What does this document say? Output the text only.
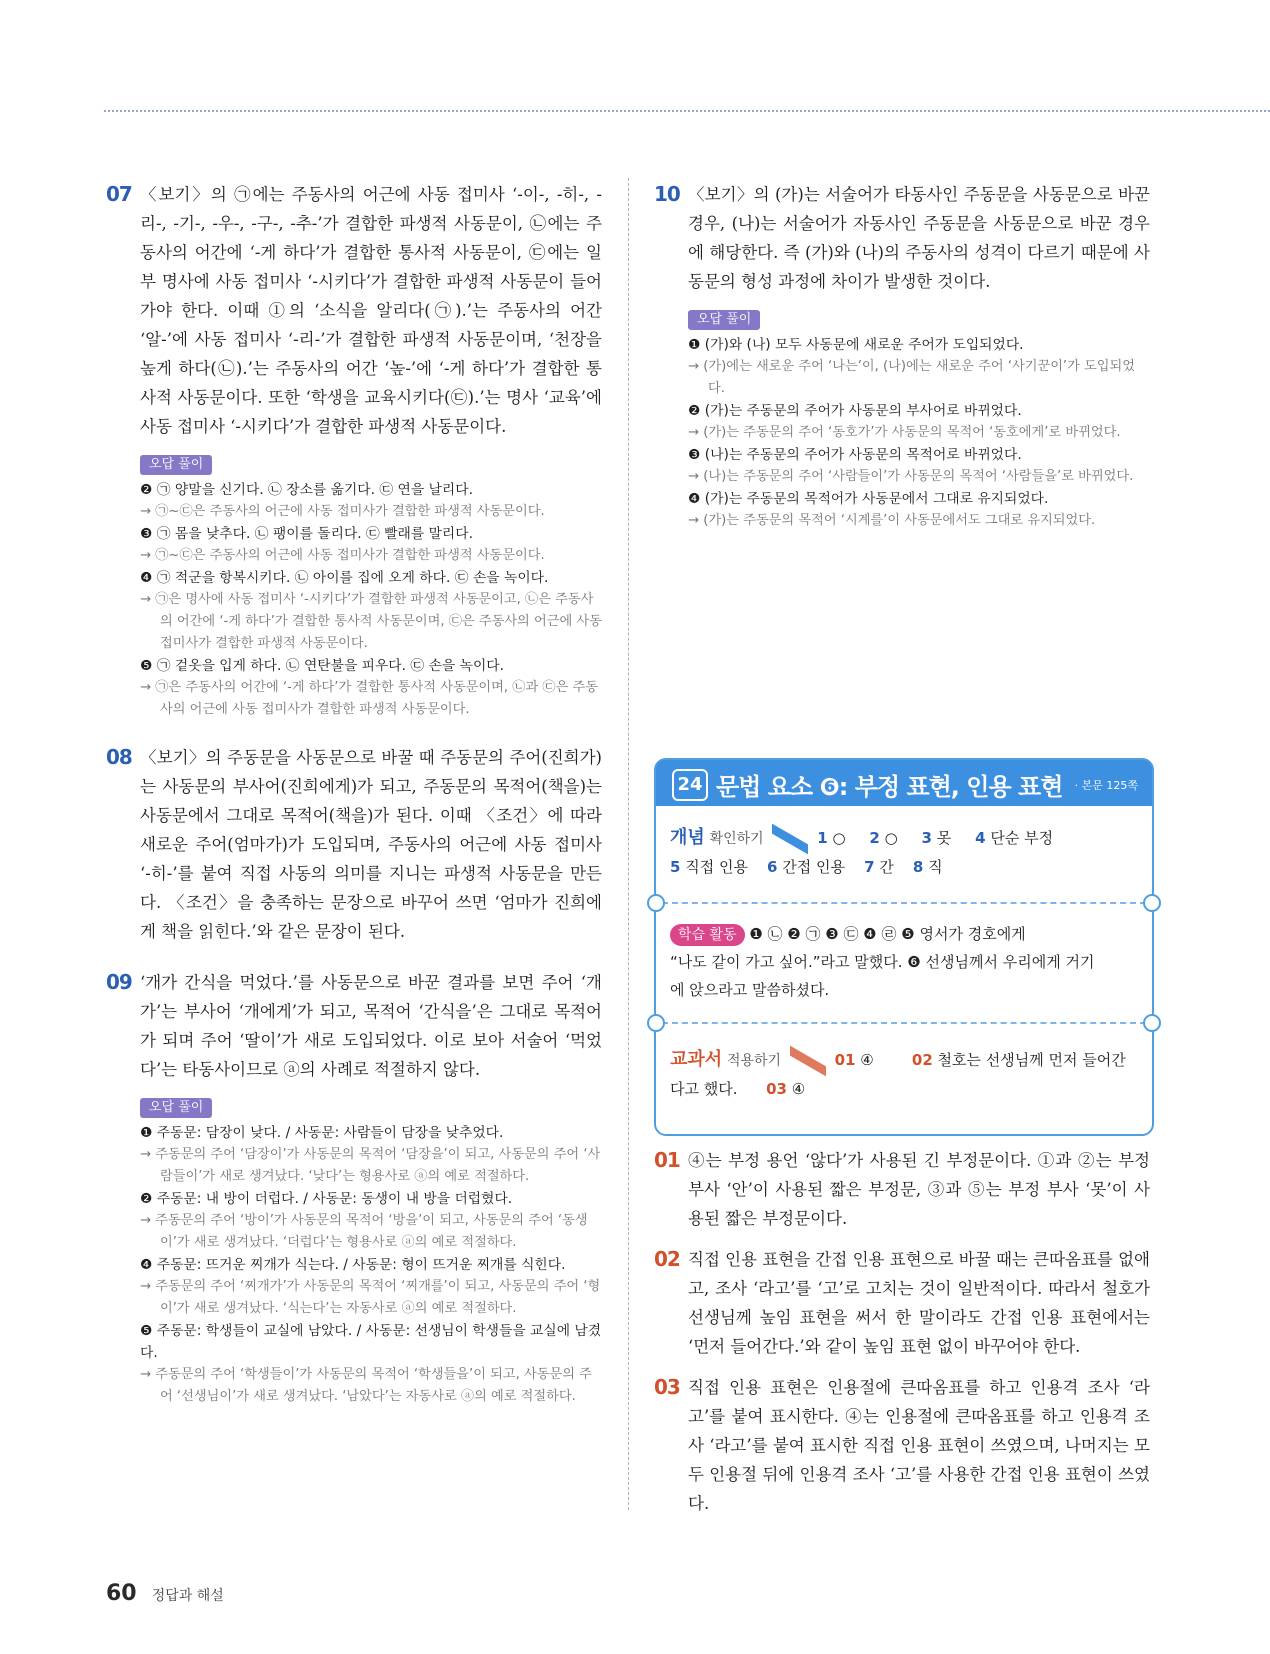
07 〈보기〉의 ㉠에는 주동사의 어근에 사동 접미사 ‘-이-, -히-, -리-, -기-, -우-, -구-, -추-’가 결합한 파생적 사동문이, ㉡에는 주동사의 어간에 ‘-게 하다’가 결합한 통사적 사동문이, ㉢에는 일부 명사에 사동 접미사 ‘-시키다’가 결합한 파생적 사동문이 들어가야 한다. 이때 ①의 ‘소식을 알리다(㉠).’는 주동사의 어간 ‘알-’에 사동 접미사 ‘-리-’가 결합한 파생적 사동문이며, ‘천장을 높게 하다(㉡).’는 주동사의 어간 ‘높-’에 ‘-게 하다’가 결합한 통사적 사동문이다. 또한 ‘학생을 교육시키다(㉢).’는 명사 ‘교육’에 사동 접미사 ‘-시키다’가 결합한 파생적 사동문이다.
오답 풀이
❷ ㉠ 양말을 신기다. ㉡ 장소를 옮기다. ㉢ 연을 날리다.
→ ㉠~㉢은 주동사의 어근에 사동 접미사가 결합한 파생적 사동문이다.
❸ ㉠ 몸을 낮추다. ㉡ 팽이를 돌리다. ㉢ 빨래를 말리다.
→ ㉠~㉢은 주동사의 어근에 사동 접미사가 결합한 파생적 사동문이다.
❹ ㉠ 적군을 항복시키다. ㉡ 아이를 집에 오게 하다. ㉢ 손을 녹이다.
→ ㉠은 명사에 사동 접미사 ‘-시키다’가 결합한 파생적 사동문이고, ㉡은 주동사의 어간에 ‘-게 하다’가 결합한 통사적 사동문이며, ㉢은 주동사의 어근에 사동 접미사가 결합한 파생적 사동문이다.
❺ ㉠ 겉옷을 입게 하다. ㉡ 연탄불을 피우다. ㉢ 손을 녹이다.
→ ㉠은 주동사의 어간에 ‘-게 하다’가 결합한 통사적 사동문이며, ㉡과 ㉢은 주동사의 어근에 사동 접미사가 결합한 파생적 사동문이다.
08 〈보기〉의 주동문을 사동문으로 바꿀 때 주동문의 주어(진희가)는 사동문의 부사어(진희에게)가 되고, 주동문의 목적어(책을)는 사동문에서 그대로 목적어(책을)가 된다. 이때 〈조건〉에 따라 새로운 주어(엄마가)가 도입되며, 주동사의 어근에 사동 접미사 ‘-히-’를 붙여 직접 사동의 의미를 지니는 파생적 사동문을 만든다. 〈조건〉을 충족하는 문장으로 바꾸어 쓰면 ‘엄마가 진희에게 책을 읽힌다.’와 같은 문장이 된다.
09 ‘개가 간식을 먹었다.’를 사동문으로 바꾼 결과를 보면 주어 ‘개가’는 부사어 ‘개에게’가 되고, 목적어 ‘간식을’은 그대로 목적어가 되며 주어 ‘딸이’가 새로 도입되었다. 이로 보아 서술어 ‘먹었다’는 타동사이므로 ⓐ의 사례로 적절하지 않다.
오답 풀이
❶ 주동문: 담장이 낮다. / 사동문: 사람들이 담장을 낮추었다.
→ 주동문의 주어 ‘담장이’가 사동문의 목적어 ‘담장을’이 되고, 사동문의 주어 ‘사람들이’가 새로 생겨났다. ‘낮다’는 형용사로 ⓐ의 예로 적절하다.
❷ 주동문: 내 방이 더럽다. / 사동문: 동생이 내 방을 더럽혔다.
→ 주동문의 주어 ‘방이’가 사동문의 목적어 ‘방을’이 되고, 사동문의 주어 ‘동생이’가 새로 생겨났다. ‘더럽다’는 형용사로 ⓐ의 예로 적절하다.
❹ 주동문: 뜨거운 찌개가 식는다. / 사동문: 형이 뜨거운 찌개를 식힌다.
→ 주동문의 주어 ‘찌개가’가 사동문의 목적어 ‘찌개를’이 되고, 사동문의 주어 ‘형이’가 새로 생겨났다. ‘식는다’는 자동사로 ⓐ의 예로 적절하다.
❺ 주동문: 학생들이 교실에 남았다. / 사동문: 선생님이 학생들을 교실에 남겼다.
→ 주동문의 주어 ‘학생들이’가 사동문의 목적어 ‘학생들을’이 되고, 사동문의 주어 ‘선생님이’가 새로 생겨났다. ‘남았다’는 자동사로 ⓐ의 예로 적절하다.
10 〈보기〉의 (가)는 서술어가 타동사인 주동문을 사동문으로 바꾼 경우, (나)는 서술어가 자동사인 주동문을 사동문으로 바꾼 경우에 해당한다. 즉 (가)와 (나)의 주동사의 성격이 다르기 때문에 사동문의 형성 과정에 차이가 발생한 것이다.
오답 풀이
❶ (가)와 (나) 모두 사동문에 새로운 주어가 도입되었다.
→ (가)에는 새로운 주어 ‘나는’이, (나)에는 새로운 주어 ‘사기꾼이’가 도입되었다.
❷ (가)는 주동문의 주어가 사동문의 부사어로 바뀌었다.
→ (가)는 주동문의 주어 ‘동호가’가 사동문의 목적어 ‘동호에게’로 바뀌었다.
❸ (나)는 주동문의 주어가 사동문의 목적어로 바뀌었다.
→ (나)는 주동문의 주어 ‘사람들이’가 사동문의 목적어 ‘사람들을’로 바뀌었다.
❹ (가)는 주동문의 목적어가 사동문에서 그대로 유지되었다.
→ (가)는 주동문의 목적어 ‘시계를’이 사동문에서도 그대로 유지되었다.
24 문법 요소 ❻: 부정 표현, 인용 표현 · 본문 125쪽
개념 확인하기	1 ○ 2 ○ 3 못 4 단순 부정
5 직접 인용 6 간접 인용 7 간 8 직
학습 활동 ❶ ㉡ ❷ ㉠ ❸ ㉢ ❹ ㉣ ❺ 영서가 경호에게
“나도 같이 가고 싶어.”라고 말했다. ❻ 선생님께서 우리에게 거기
에 앉으라고 말씀하셨다.
교과서 적용하기	01 ④	02 철호는 선생님께 먼저 들어간
다고 했다. 03 ④
01 ④는 부정 용언 ‘않다’가 사용된 긴 부정문이다. ①과 ②는 부정 부사 ‘안’이 사용된 짧은 부정문, ③과 ⑤는 부정 부사 ‘못’이 사용된 짧은 부정문이다.
02 직접 인용 표현을 간접 인용 표현으로 바꿀 때는 큰따옴표를 없애고, 조사 ‘라고’를 ‘고’로 고치는 것이 일반적이다. 따라서 철호가 선생님께 높임 표현을 써서 한 말이라도 간접 인용 표현에서는 ‘먼저 들어간다.’와 같이 높임 표현 없이 바꾸어야 한다.
03 직접 인용 표현은 인용절에 큰따옴표를 하고 인용격 조사 ‘라고’를 붙여 표시한다. ④는 인용절에 큰따옴표를 하고 인용격 조사 ‘라고’를 붙여 표시한 직접 인용 표현이 쓰였으며, 나머지는 모두 인용절 뒤에 인용격 조사 ‘고’를 사용한 간접 인용 표현이 쓰였다.
60 정답과 해설
